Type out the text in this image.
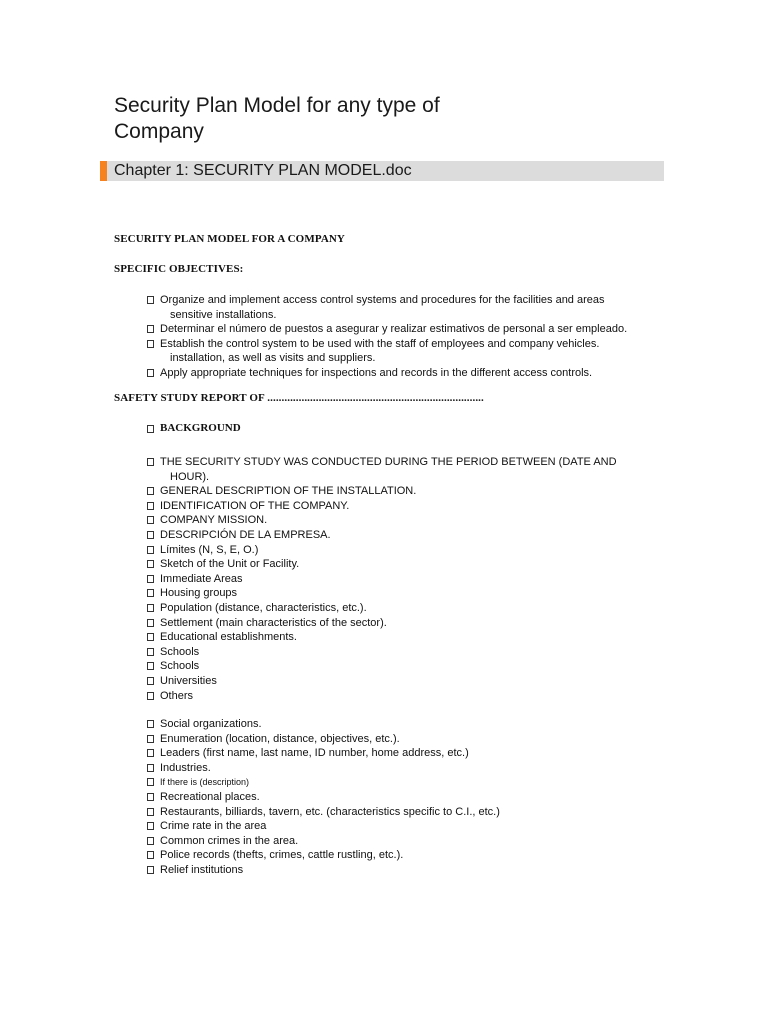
Security Plan Model for any type of Company
Chapter 1: SECURITY PLAN MODEL.doc
SECURITY PLAN MODEL FOR A COMPANY
SPECIFIC OBJECTIVES:
Organize and implement access control systems and procedures for the facilities and areas
sensitive installations.
Determinar el número de puestos a asegurar y realizar estimativos de personal a ser empleado.
Establish the control system to be used with the staff of employees and company vehicles.
installation, as well as visits and suppliers.
Apply appropriate techniques for inspections and records in the different access controls.
SAFETY STUDY REPORT OF ............................................................................
BACKGROUND
THE SECURITY STUDY WAS CONDUCTED DURING THE PERIOD BETWEEN (DATE AND
HOUR).
GENERAL DESCRIPTION OF THE INSTALLATION.
IDENTIFICATION OF THE COMPANY.
COMPANY MISSION.
DESCRIPCIÓN DE LA EMPRESA.
Límites (N, S, E, O.)
Sketch of the Unit or Facility.
Immediate Areas
Housing groups
Population (distance, characteristics, etc.).
Settlement (main characteristics of the sector).
Educational establishments.
Schools
Schools
Universities
Others
Social organizations.
Enumeration (location, distance, objectives, etc.).
Leaders (first name, last name, ID number, home address, etc.)
Industries.
If there is (description)
Recreational places.
Restaurants, billiards, tavern, etc. (characteristics specific to C.I., etc.)
Crime rate in the area
Common crimes in the area.
Police records (thefts, crimes, cattle rustling, etc.).
Relief institutions
